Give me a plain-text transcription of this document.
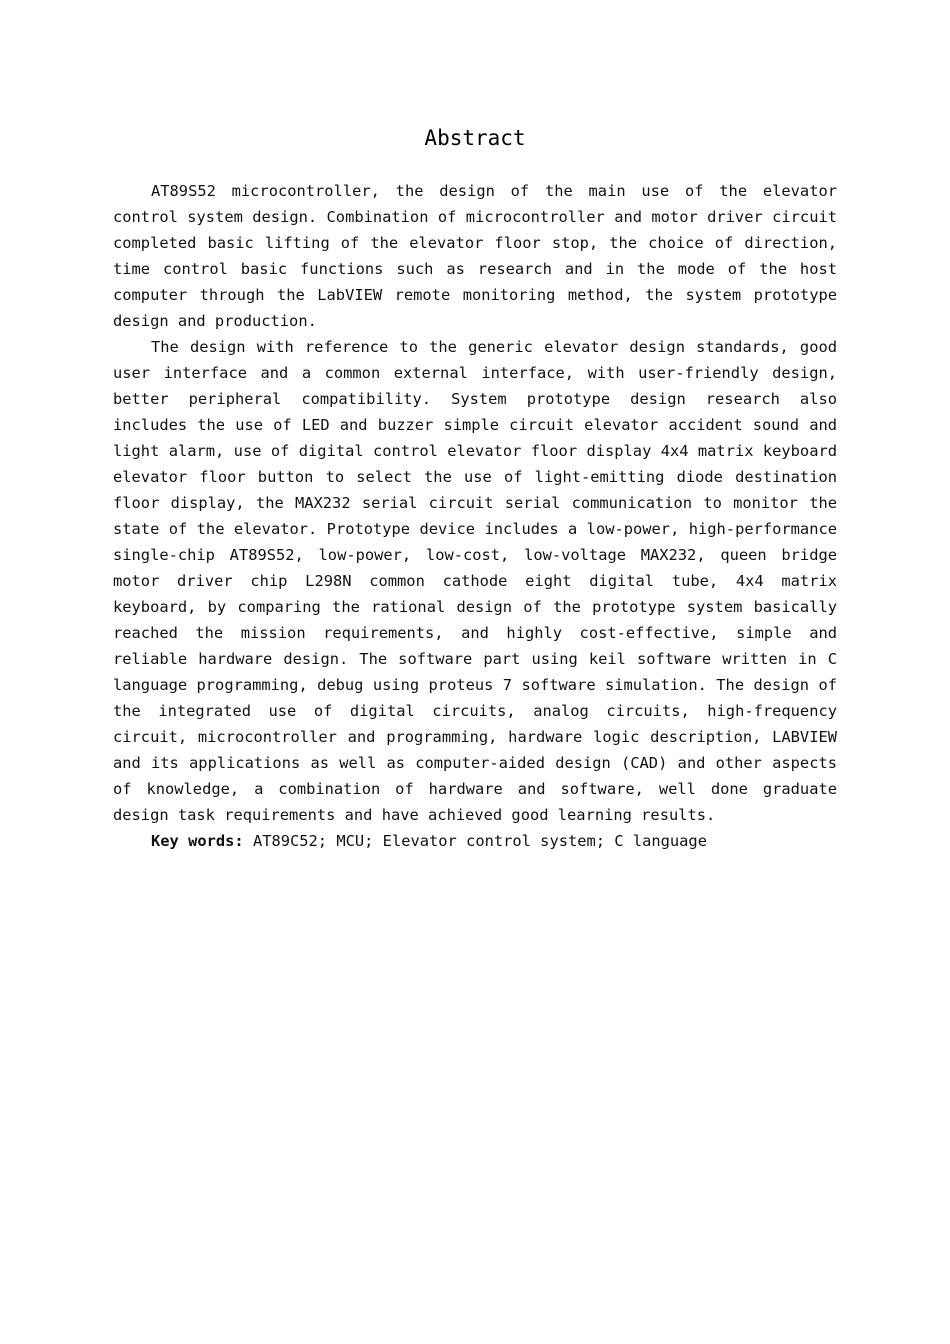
Abstract

AT89S52 microcontroller, the design of the main use of the elevator control system design. Combination of microcontroller and motor driver circuit completed basic lifting of the elevator floor stop, the choice of direction, time control basic functions such as research and in the mode of the host computer through the LabVIEW remote monitoring method, the system prototype design and production.

The design with reference to the generic elevator design standards, good user interface and a common external interface, with user-friendly design, better peripheral compatibility. System prototype design research also includes the use of LED and buzzer simple circuit elevator accident sound and light alarm, use of digital control elevator floor display 4x4 matrix keyboard elevator floor button to select the use of light-emitting diode destination floor display, the MAX232 serial circuit serial communication to monitor the state of the elevator. Prototype device includes a low-power, high-performance single-chip AT89S52, low-power, low-cost, low-voltage MAX232, queen bridge motor driver chip L298N common cathode eight digital tube, 4x4 matrix keyboard, by comparing the rational design of the prototype system basically reached the mission requirements, and highly cost-effective, simple and reliable hardware design. The software part using keil software written in C language programming, debug using proteus 7 software simulation. The design of the integrated use of digital circuits, analog circuits, high-frequency circuit, microcontroller and programming, hardware logic description, LABVIEW and its applications as well as computer-aided design (CAD) and other aspects of knowledge, a combination of hardware and software, well done graduate design task requirements and have achieved good learning results.

Key words: AT89C52; MCU; Elevator control system; C language
